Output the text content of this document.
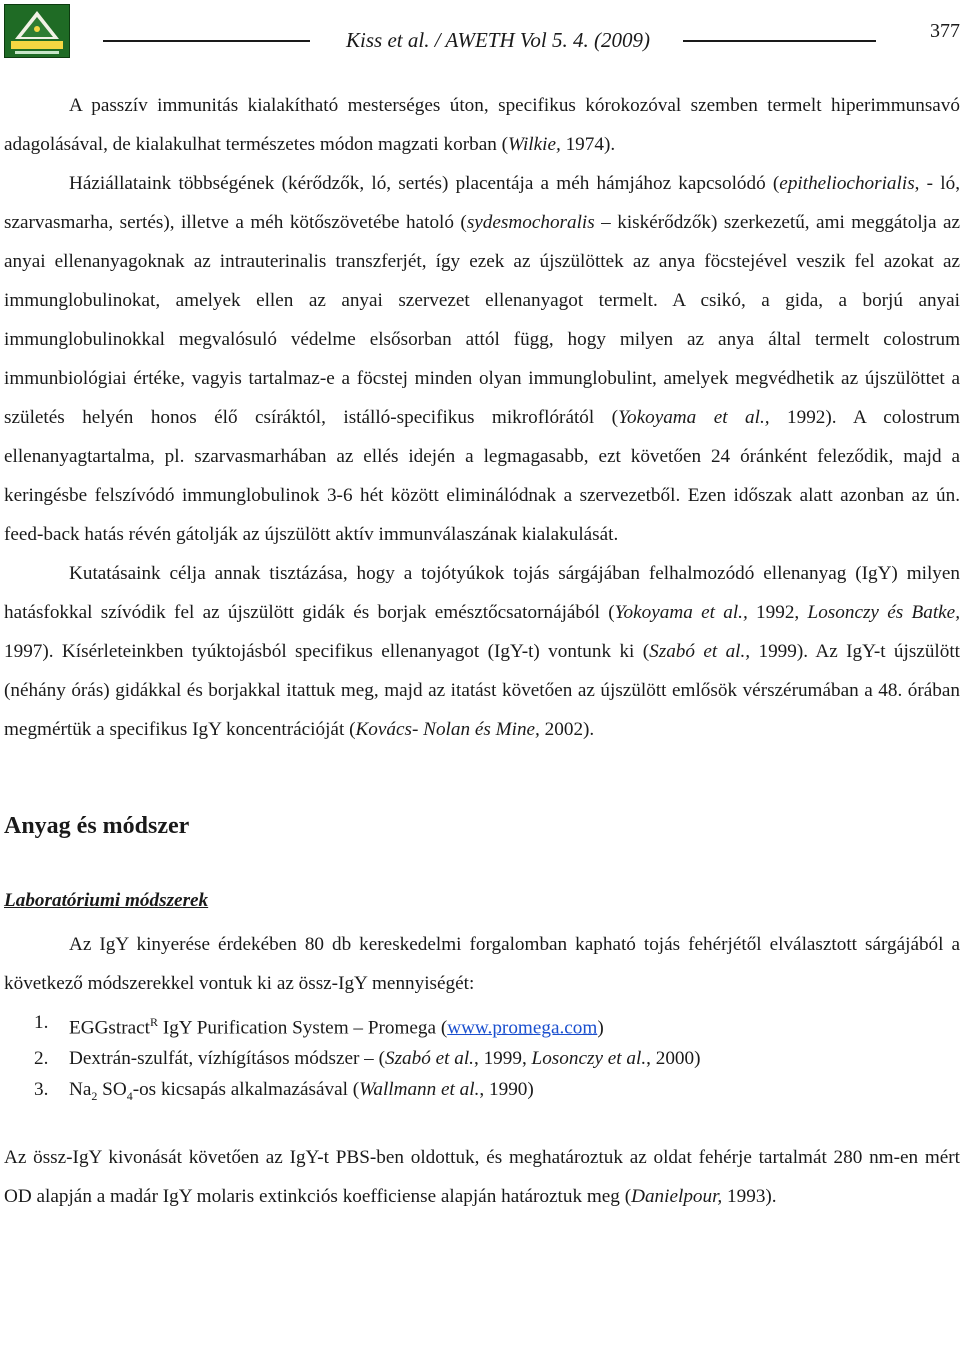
Kiss et al. / AWETH Vol 5. 4. (2009)	377

A passzív immunitás kialakítható mesterséges úton, specifikus kórokozóval szemben termelt hiperimmunsavó adagolásával, de kialakulhat természetes módon magzati korban (Wilkie, 1974).

Háziállataink többségének (kérődzők, ló, sertés) placentája a méh hámjához kapcsolódó (epitheliochorialis, - ló, szarvasmarha, sertés), illetve a méh kötőszövetébe hatoló (sydesmochoralis – kiskérődzők) szerkezetű, ami meggátolja az anyai ellenanyagoknak az intrauterinalis transzferjét, így ezek az újszülöttek az anya föcstejével veszik fel azokat az immunglobulinokat, amelyek ellen az anyai szervezet ellenanyagot termelt. A csikó, a gida, a borjú anyai immunglobulinokkal megvalósuló védelme elsősorban attól függ, hogy milyen az anya által termelt colostrum immunbiológiai értéke, vagyis tartalmaz-e a föcstej minden olyan immunglobulint, amelyek megvédhetik az újszülöttet a születés helyén honos élő csíráktól, istálló-specifikus mikroflórától (Yokoyama et al., 1992). A colostrum ellenanyagtartalma, pl. szarvasmarhában az ellés idején a legmagasabb, ezt követően 24 óránként feleződik, majd a keringésbe felszívódó immunglobulinok 3-6 hét között eliminálódnak a szervezetből. Ezen időszak alatt azonban az ún. feed-back hatás révén gátolják az újszülött aktív immunválaszának kialakulását.

Kutatásaink célja annak tisztázása, hogy a tojótyúkok tojás sárgájában felhalmozódó ellenanyag (IgY) milyen hatásfokkal szívódik fel az újszülött gidák és borjak emésztőcsatornájából (Yokoyama et al., 1992, Losonczy és Batke, 1997). Kísérleteinkben tyúktojásból specifikus ellenanyagot (IgY-t) vontunk ki (Szabó et al., 1999). Az IgY-t újszülött (néhány órás) gidákkal és borjakkal itattuk meg, majd az itatást követően az újszülött emlősök vérszérumában a 48. órában megmértük a specifikus IgY koncentrációját (Kovács- Nolan és Mine, 2002).

Anyag és módszer
Laboratóriumi módszerek

Az IgY kinyerése érdekében 80 db kereskedelmi forgalomban kapható tojás fehérjétől elválasztott sárgájából a következő módszerekkel vontuk ki az össz-IgY mennyiségét:

1.	EGGstract$^R$ IgY Purification System – Promega (www.promega.com)
2.	Dextrán-szulfát, vízhígításos módszer – (Szabó et al., 1999, Losonczy et al., 2000)
3.	$Na_2$ $SO_4-os$ kicsapás alkalmazásával (Wallmann et al., 1990)

Az össz-IgY kivonását követően az IgY-t PBS-ben oldottuk, és meghatároztuk az oldat fehérje tartalmát 280 nm-en mért OD alapján a madár IgY molaris extinkciós koefficiense alapján határoztuk meg (Danielpour, 1993).
